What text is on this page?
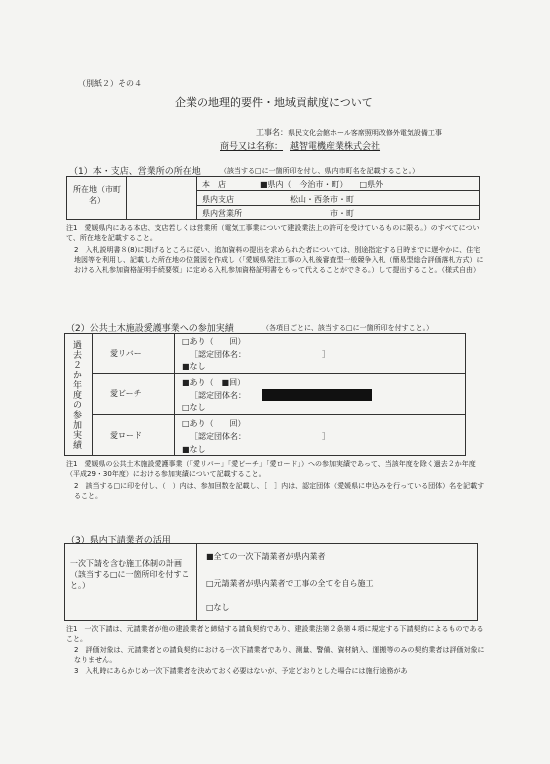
（別紙２）その４
企業の地理的要件・地域貢献度について
工事名： 県民文化会館ホール客席照明改修外電気設備工事
商号又は名称： 越智電機産業株式会社
（1）本・支店、営業所の所在地	（該当する□に一箇所印を付し、県内市町名を記載すること。）
所在地（市町名）
本　店	■県内（　今治市・町）　　□県外
県内支店	松山・西条市・町
県内営業所	市・町
注1　愛媛県内にある本店、支店若しくは営業所（電気工事業について建設業法上の許可を受けているものに限る。）のすべてについて、所在地を記載すること。
2　入札説明書８(8)に掲げるところに従い、追加資料の提出を求められた者については、別途指定する日時までに遅やかに、住宅地図等を利用し、記載した所在地の位置図を作成し（「愛媛県発注工事の入札後審査型一般競争入札（簡易型総合評価落札方式）における入札参加資格証明手続要領」に定める入札参加資格証明書をもって代えることができる。）して提出すること。（様式自由）
（2）公共土木施設愛護事業への参加実績	（各項目ごとに、該当する□に一箇所印を付すこと。）
過去２か年度の参加実績	愛リバー
□あり（　　回）
［認定団体名：　　　　　　　　　　］
■なし
愛ビーチ
■あり（　■回）
［認定団体名：
□なし
愛ロード
□あり（　　回）
［認定団体名：　　　　　　　　　　］
■なし
注1　愛媛県の公共土木施設愛護事業（「愛リバー」「愛ビーチ」「愛ロード」）への参加実績であって、当該年度を除く過去２か年度（平成29・30年度）における参加実績について記載すること。
2　該当する□に印を付し、（　）内は、参加回数を記載し、［　］内は、認定団体（愛媛県に申込みを行っている団体）名を記載すること。
（3）県内下請業者の活用
一次下請を含む施工体制の計画（該当する□に一箇所印を付すこと。）
■全ての一次下請業者が県内業者
□元請業者が県内業者で工事の全てを自ら施工
□なし
注1　一次下請は、元請業者が他の建設業者と締結する請負契約であり、建設業法第２条第４項に規定する下請契約によるものであること。
2　評価対象は、元請業者との請負契約における一次下請業者であり、測量、警備、資材納入、運搬等のみの契約業者は評価対象になりません。
3　入札時にあらかじめ一次下請業者を決めておく必要はないが、予定どおりとした場合には施行途務があ
